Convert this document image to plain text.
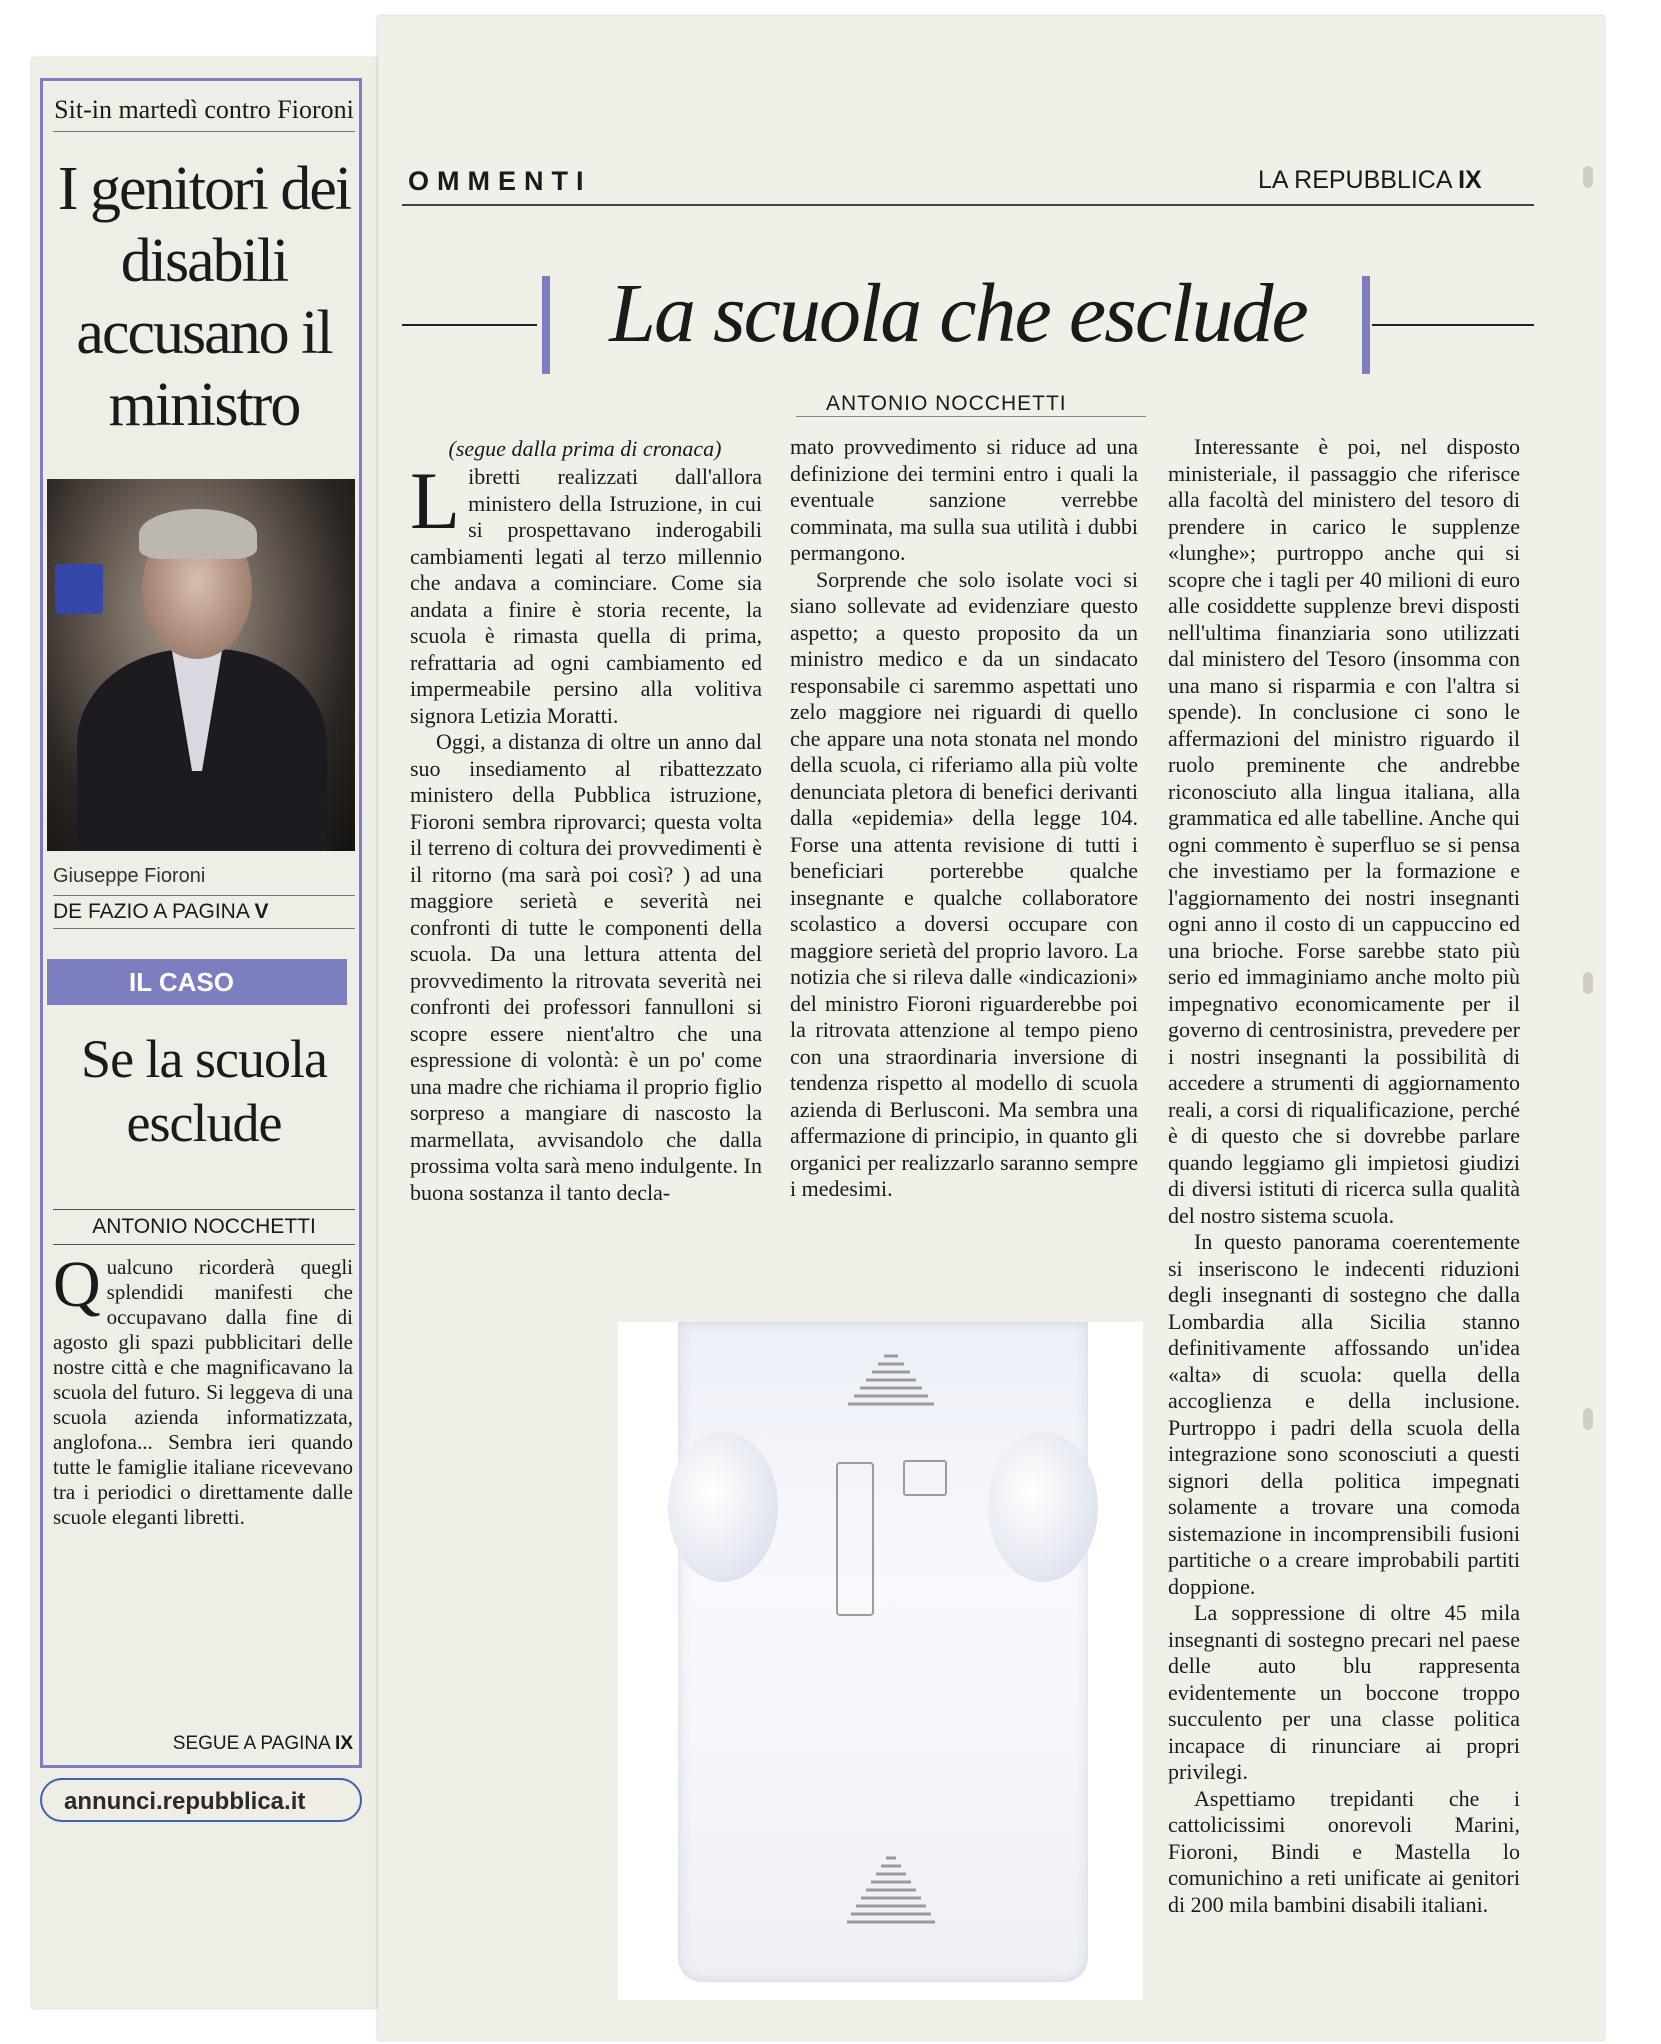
Sit-in martedì contro Fioroni
I genitori dei disabili accusano il ministro
Giuseppe Fioroni
DE FAZIO A PAGINA V
IL CASO
Se la scuola esclude
ANTONIO NOCCHETTI
Q ualcuno ricorderà quegli splendidi manifesti che occupavano dalla fine di agosto gli spazi pubblicitari delle nostre città e che magnificavano la scuola del futuro. Si leggeva di una scuola azienda informatizzata, anglofona... Sembra ieri quando tutte le famiglie italiane ricevevano tra i periodici o direttamente dalle scuole eleganti libretti.
SEGUE A PAGINA IX
annunci.repubblica.it
OMMENTI	LA REPUBBLICA IX
La scuola che esclude
ANTONIO NOCCHETTI
(segue dalla prima di cronaca)

Libretti realizzati dall'allora ministero della Istruzione, in cui si prospettavano inderogabili cambiamenti legati al terzo millennio che andava a cominciare. Come sia andata a finire è storia recente, la scuola è rimasta quella di prima, refrattaria ad ogni cambiamento ed impermeabile persino alla volitiva signora Letizia Moratti.

Oggi, a distanza di oltre un anno dal suo insediamento al ribattezzato ministero della Pubblica istruzione, Fioroni sembra riprovarci; questa volta il terreno di coltura dei provvedimenti è il ritorno (ma sarà poi così? ) ad una maggiore serietà e severità nei confronti di tutte le componenti della scuola. Da una lettura attenta del provvedimento la ritrovata severità nei confronti dei professori fannulloni si scopre essere nient'altro che una espressione di volontà: è un po' come una madre che richiama il proprio figlio sorpreso a mangiare di nascosto la marmellata, avvisandolo che dalla prossima volta sarà meno indulgente. In buona sostanza il tanto decla-

mato provvedimento si riduce ad una definizione dei termini entro i quali la eventuale sanzione verrebbe comminata, ma sulla sua utilità i dubbi permangono.

Sorprende che solo isolate voci si siano sollevate ad evidenziare questo aspetto; a questo proposito da un ministro medico e da un sindacato responsabile ci saremmo aspettati uno zelo maggiore nei riguardi di quello che appare una nota stonata nel mondo della scuola, ci riferiamo alla più volte denunciata pletora di benefici derivanti dalla «epidemia» della legge 104. Forse una attenta revisione di tutti i beneficiari porterebbe qualche insegnante e qualche collaboratore scolastico a doversi occupare con maggiore serietà del proprio lavoro. La notizia che si rileva dalle «indicazioni» del ministro Fioroni riguarderebbe poi la ritrovata attenzione al tempo pieno con una straordinaria inversione di tendenza rispetto al modello di scuola azienda di Berlusconi. Ma sembra una affermazione di principio, in quanto gli organici per realizzarlo saranno sempre i medesimi.

Interessante è poi, nel disposto ministeriale, il passaggio che riferisce alla facoltà del ministero del tesoro di prendere in carico le supplenze «lunghe»; purtroppo anche qui si scopre che i tagli per 40 milioni di euro alle cosiddette supplenze brevi disposti nell'ultima finanziaria sono utilizzati dal ministero del Tesoro (insomma con una mano si risparmia e con l'altra si spende). In conclusione ci sono le affermazioni del ministro riguardo il ruolo preminente che andrebbe riconosciuto alla lingua italiana, alla grammatica ed alle tabelline. Anche qui ogni commento è superfluo se si pensa che investiamo per la formazione e l'aggiornamento dei nostri insegnanti ogni anno il costo di un cappuccino ed una brioche. Forse sarebbe stato più serio ed immaginiamo anche molto più impegnativo economicamente per il governo di centrosinistra, prevedere per i nostri insegnanti la possibilità di accedere a strumenti di aggiornamento reali, a corsi di riqualificazione, perché è di questo che si dovrebbe parlare quando leggiamo gli impietosi giudizi di diversi istituti di ricerca sulla qualità del nostro sistema scuola.

In questo panorama coerentemente si inseriscono le indecenti riduzioni degli insegnanti di sostegno che dalla Lombardia alla Sicilia stanno definitivamente affossando un'idea «alta» di scuola: quella della accoglienza e della inclusione. Purtroppo i padri della scuola della integrazione sono sconosciuti a questi signori della politica impegnati solamente a trovare una comoda sistemazione in incomprensibili fusioni partitiche o a creare improbabili partiti doppione.

La soppressione di oltre 45 mila insegnanti di sostegno precari nel paese delle auto blu rappresenta evidentemente un boccone troppo succulento per una classe politica incapace di rinunciare ai propri privilegi.

Aspettiamo trepidanti che i cattolicissimi onorevoli Marini, Fioroni, Bindi e Mastella lo comunichino a reti unificate ai genitori di 200 mila bambini disabili italiani.
